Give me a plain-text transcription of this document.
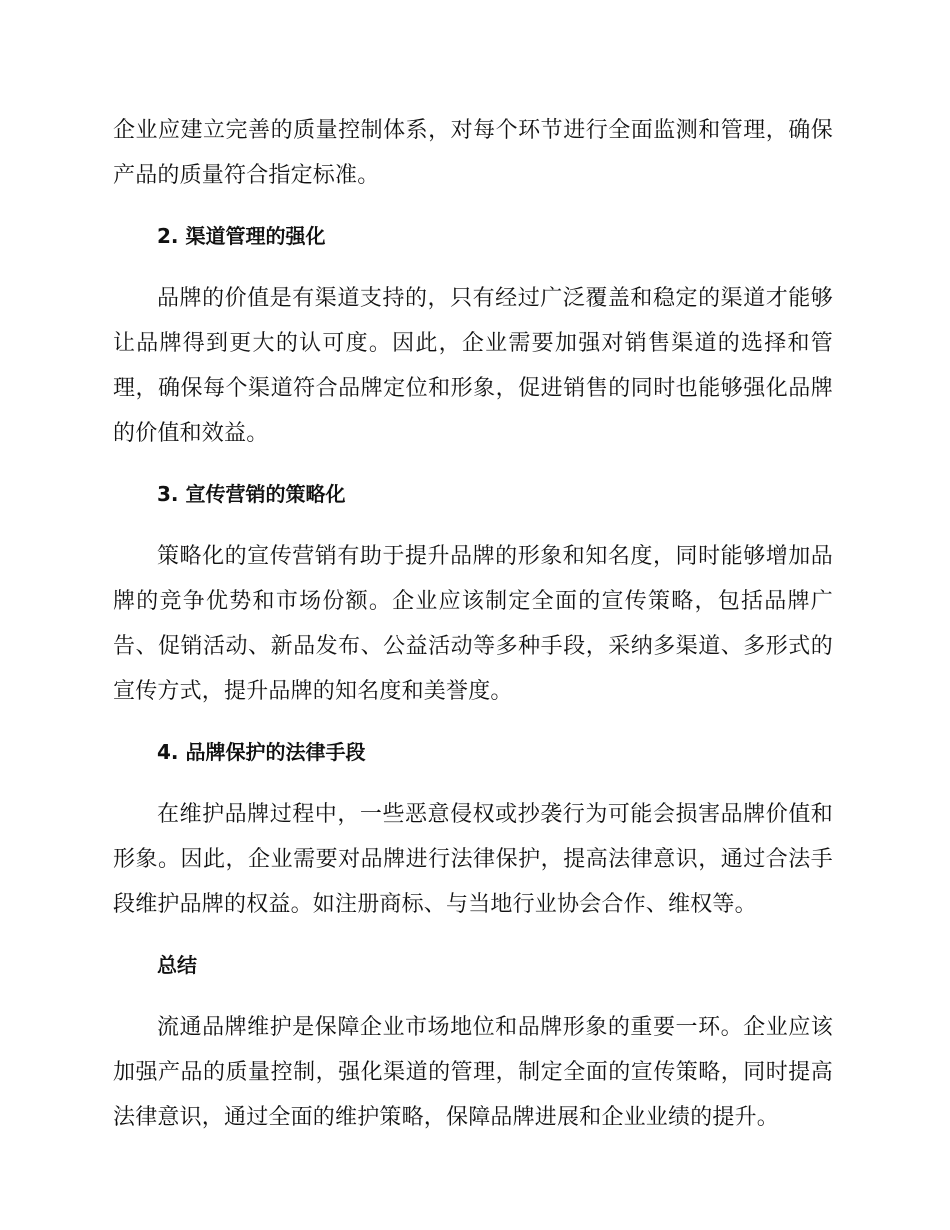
企业应建立完善的质量控制体系，对每个环节进行全面监测和管理，确保产品的质量符合指定标准。

2. 渠道管理的强化

品牌的价值是有渠道支持的，只有经过广泛覆盖和稳定的渠道才能够让品牌得到更大的认可度。因此，企业需要加强对销售渠道的选择和管理，确保每个渠道符合品牌定位和形象，促进销售的同时也能够强化品牌的价值和效益。

3. 宣传营销的策略化

策略化的宣传营销有助于提升品牌的形象和知名度，同时能够增加品牌的竞争优势和市场份额。企业应该制定全面的宣传策略，包括品牌广告、促销活动、新品发布、公益活动等多种手段，采纳多渠道、多形式的宣传方式，提升品牌的知名度和美誉度。

4. 品牌保护的法律手段

在维护品牌过程中，一些恶意侵权或抄袭行为可能会损害品牌价值和形象。因此，企业需要对品牌进行法律保护，提高法律意识，通过合法手段维护品牌的权益。如注册商标、与当地行业协会合作、维权等。

总结

流通品牌维护是保障企业市场地位和品牌形象的重要一环。企业应该加强产品的质量控制，强化渠道的管理，制定全面的宣传策略，同时提高法律意识，通过全面的维护策略，保障品牌进展和企业业绩的提升。
